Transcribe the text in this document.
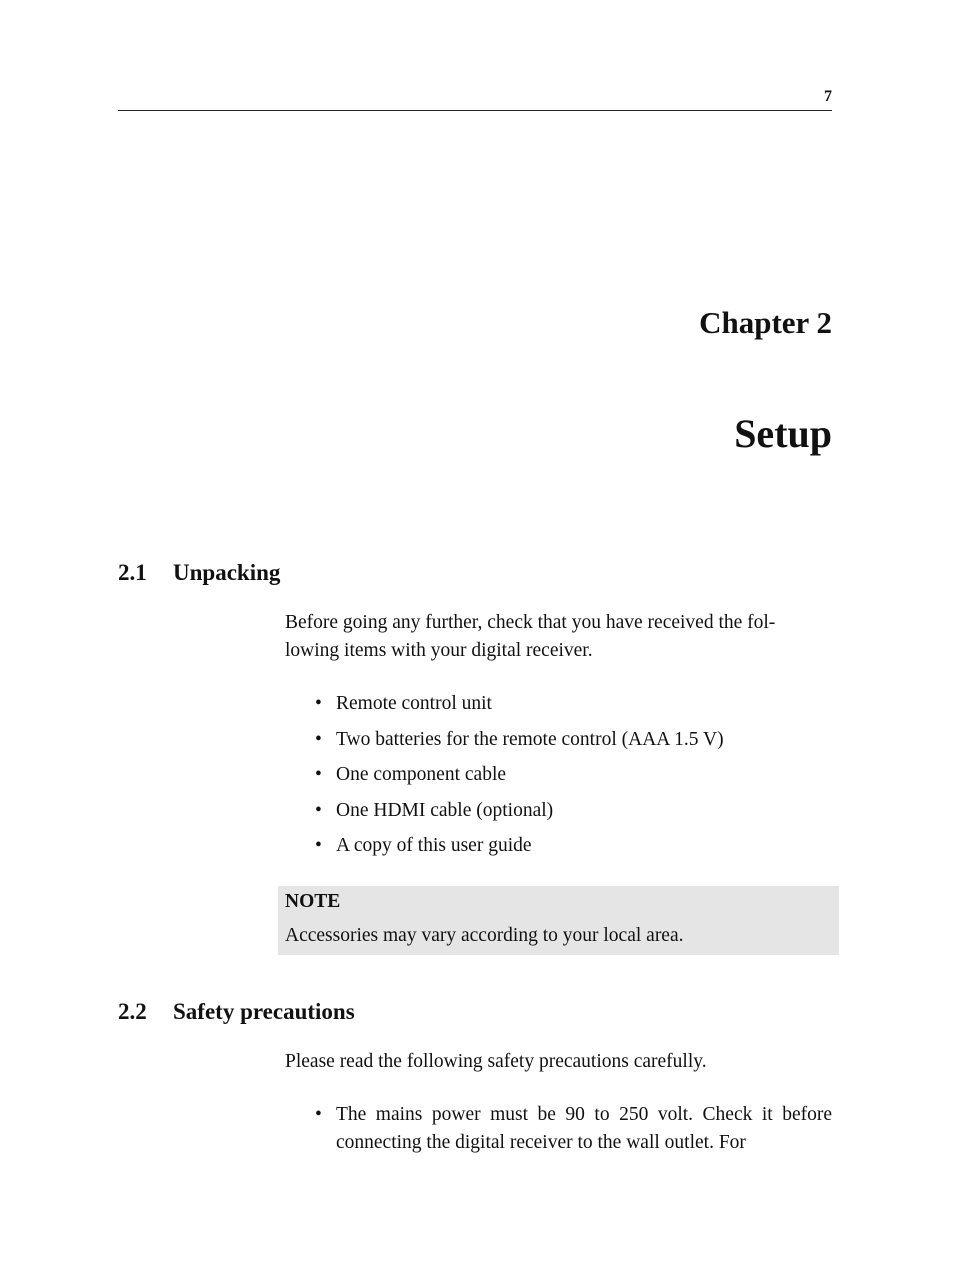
7
Chapter 2
Setup
2.1 Unpacking
Before going any further, check that you have received the fol-
lowing items with your digital receiver.
• Remote control unit
• Two batteries for the remote control (AAA 1.5 V)
• One component cable
• One HDMI cable (optional)
• A copy of this user guide
NOTE
Accessories may vary according to your local area.
2.2 Safety precautions
Please read the following safety precautions carefully.
• The mains power must be 90 to 250 volt. Check it before connecting the digital receiver to the wall outlet. For
